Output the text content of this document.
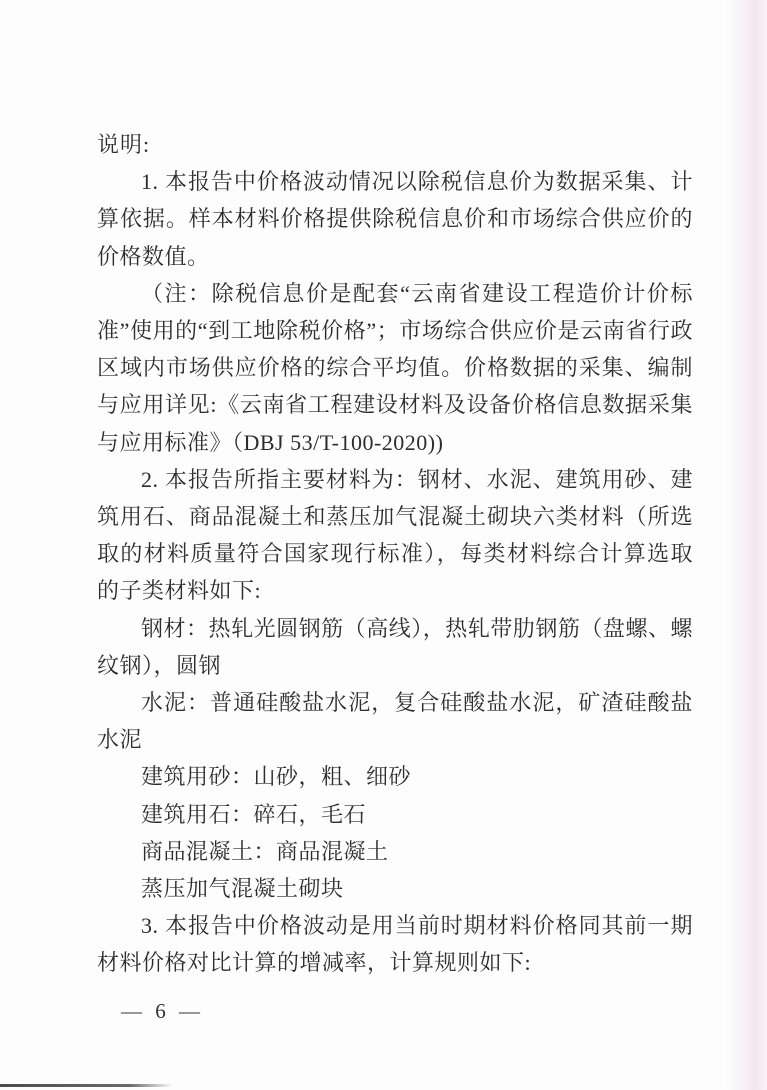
说明:

1. 本报告中价格波动情况以除税信息价为数据采集、计算依据。样本材料价格提供除税信息价和市场综合供应价的价格数值。

（注：除税信息价是配套“云南省建设工程造价计价标准”使用的“到工地除税价格”；市场综合供应价是云南省行政区域内市场供应价格的综合平均值。价格数据的采集、编制与应用详见:《云南省工程建设材料及设备价格信息数据采集与应用标准》（DBJ 53/T-100-2020))

2. 本报告所指主要材料为：钢材、水泥、建筑用砂、建筑用石、商品混凝土和蒸压加气混凝土砌块六类材料（所选取的材料质量符合国家现行标准），每类材料综合计算选取的子类材料如下:

钢材：热轧光圆钢筋（高线），热轧带肋钢筋（盘螺、螺纹钢），圆钢

水泥：普通硅酸盐水泥，复合硅酸盐水泥，矿渣硅酸盐水泥

建筑用砂：山砂，粗、细砂

建筑用石：碎石，毛石

商品混凝土：商品混凝土

蒸压加气混凝土砌块

3. 本报告中价格波动是用当前时期材料价格同其前一期材料价格对比计算的增减率，计算规则如下:

— 6 —
